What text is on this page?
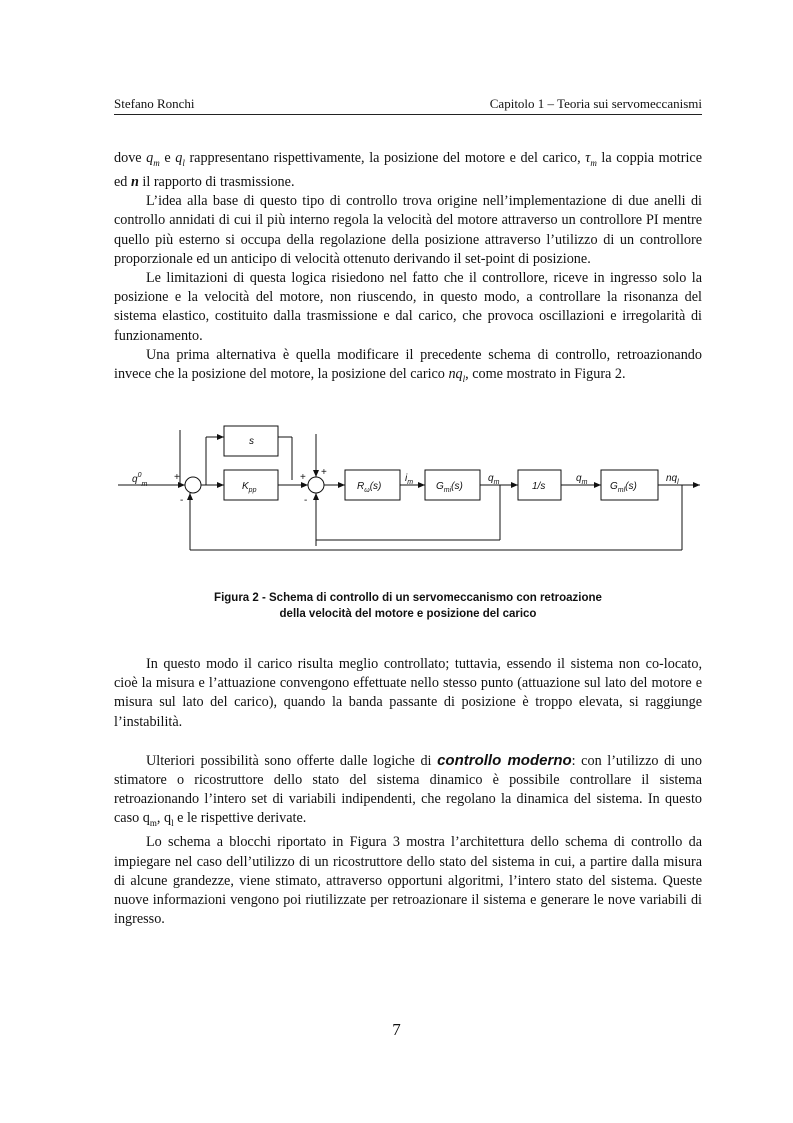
Stefano Ronchi	Capitolo 1 – Teoria sui servomeccanismi

dove $q_m$ e $q_l$ rappresentano rispettivamente, la posizione del motore e del carico, $\tau_m$ la coppia motrice ed n il rapporto di trasmissione.

L’idea alla base di questo tipo di controllo trova origine nell’implementazione di due anelli di controllo annidati di cui il più interno regola la velocità del motore attraverso un controllore PI mentre quello più esterno si occupa della regolazione della posizione attraverso l’utilizzo di un controllore proporzionale ed un anticipo di velocità ottenuto derivando il set-point di posizione.

Le limitazioni di questa logica risiedono nel fatto che il controllore, riceve in ingresso solo la posizione e la velocità del motore, non riuscendo, in questo modo, a controllare la risonanza del sistema elastico, costituito dalla trasmissione e dal carico, che provoca oscillazioni e irregolarità di funzionamento.

Una prima alternativa è quella modificare il precedente schema di controllo, retroazionando invece che la posizione del motore, la posizione del carico $nq_l$, come mostrato in Figura 2.

$q^0_m$
s
$K_{pp}$	$R_\omega(s)$
$i_m$ $G_{mi}(s)$
$q_m$	1/s
$q_m$ $G_{ml}(s)$
$nq_l$
+
-
+ +
-
Figura 2 - Schema di controllo di un servomeccanismo con retroazione
della velocità del motore e posizione del carico

In questo modo il carico risulta meglio controllato; tuttavia, essendo il sistema non co-locato, cioè la misura e l’attuazione convengono effettuate nello stesso punto (attuazione sul lato del motore e misura sul lato del carico), quando la banda passante di posizione è troppo elevata, si raggiunge l’instabilità.

Ulteriori possibilità sono offerte dalle logiche di controllo moderno: con l’utilizzo di uno stimatore o ricostruttore dello stato del sistema dinamico è possibile controllare il sistema retroazionando l’intero set di variabili indipendenti, che regolano la dinamica del sistema. In questo caso $q_m$, $q_l$ e le rispettive derivate.

Lo schema a blocchi riportato in Figura 3 mostra l’architettura dello schema di controllo da impiegare nel caso dell’utilizzo di un ricostruttore dello stato del sistema in cui, a partire dalla misura di alcune grandezze, viene stimato, attraverso opportuni algoritmi, l’intero stato del sistema. Queste nuove informazioni vengono poi riutilizzate per retroazionare il sistema e generare le nove variabili di ingresso.

7
